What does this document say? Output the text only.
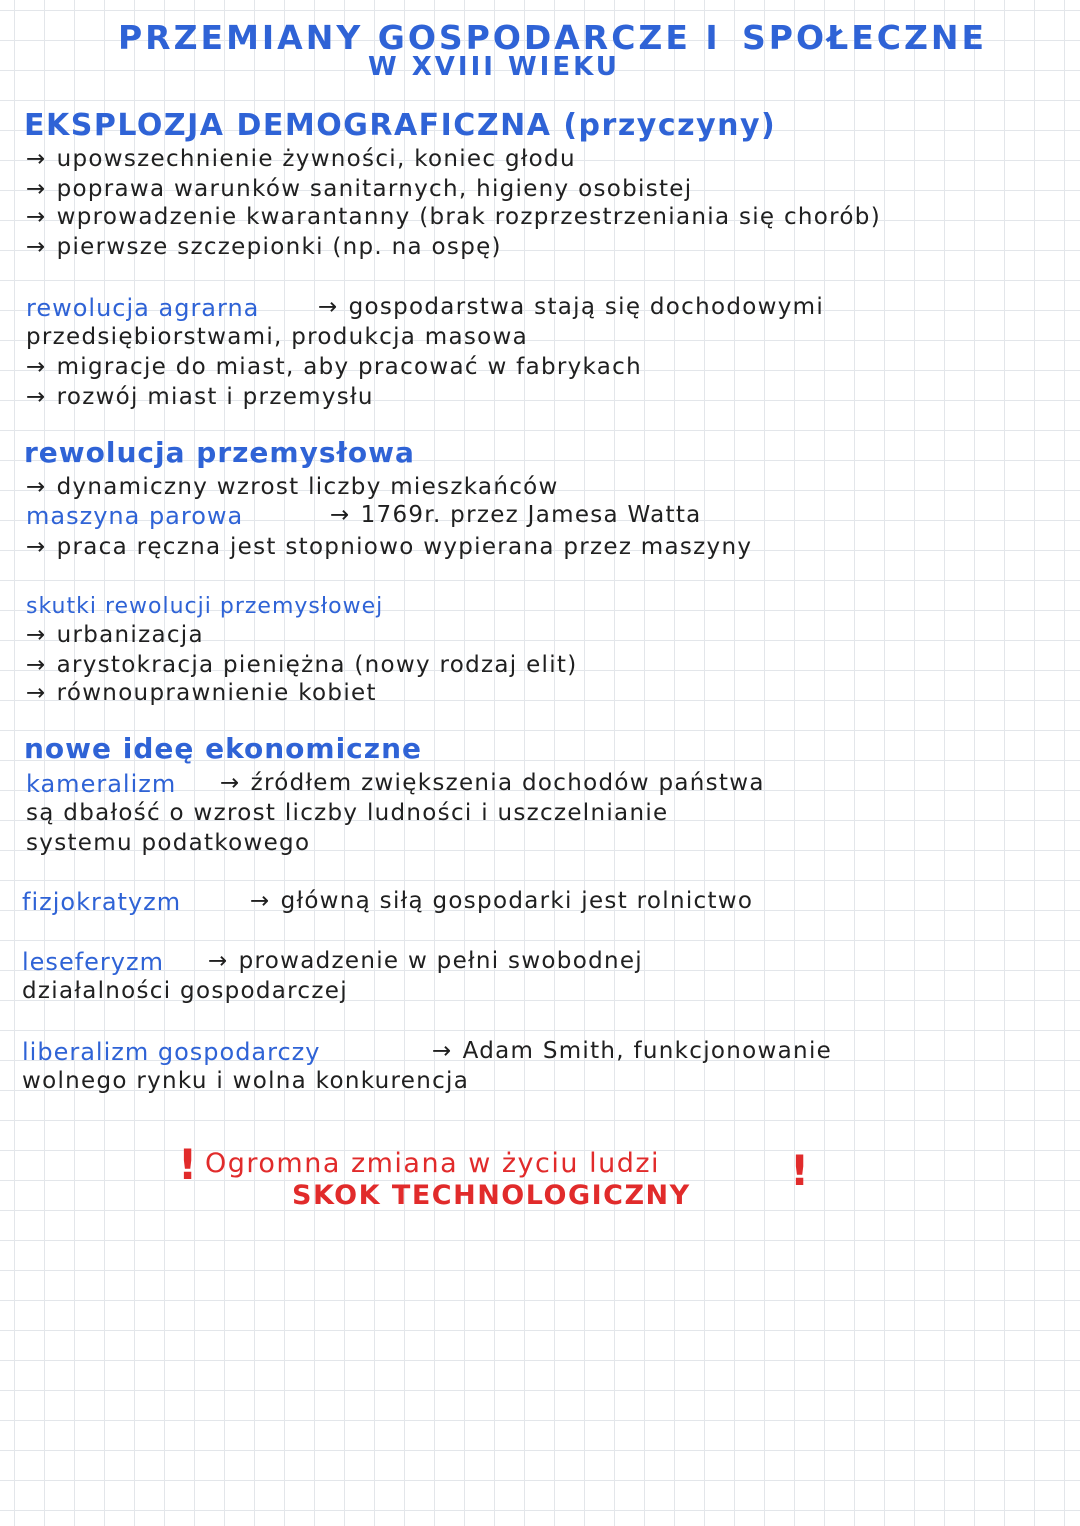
PRZEMIANY GOSPODARCZE I SPOŁECZNE
W XVIII WIEKU
EKSPLOZJA DEMOGRAFICZNA (przyczyny)
→ upowszechnienie żywności, koniec głodu
→ poprawa warunków sanitarnych, higieny osobistej
→ wprowadzenie kwarantanny (brak rozprzestrzeniania się chorób)
→ pierwsze szczepionki (np. na ospę)
rewolucja agrarna	→ gospodarstwa stają się dochodowymi
przedsiębiorstwami, produkcja masowa
→ migracje do miast, aby pracować w fabrykach
→ rozwój miast i przemysłu
rewolucja przemysłowa
→ dynamiczny wzrost liczby mieszkańców
maszyna parowa	→ 1769r. przez Jamesa Watta
→ praca ręczna jest stopniowo wypierana przez maszyny
skutki rewolucji przemysłowej
→ urbanizacja
→ arystokracja pieniężna (nowy rodzaj elit)
→ równouprawnienie kobiet
nowe ideę ekonomiczne
kameralizm → źródłem zwiększenia dochodów państwa
są dbałość o wzrost liczby ludności i uszczelnianie
systemu podatkowego
fizjokratyzm	→ główną siłą gospodarki jest rolnictwo
leseferyzm → prowadzenie w pełni swobodnej
działalności gospodarczej
liberalizm gospodarczy	→ Adam Smith, funkcjonowanie
wolnego rynku i wolna konkurencja
! Ogromna zmiana w życiu ludzi
SKOK TECHNOLOGICZNY
!
